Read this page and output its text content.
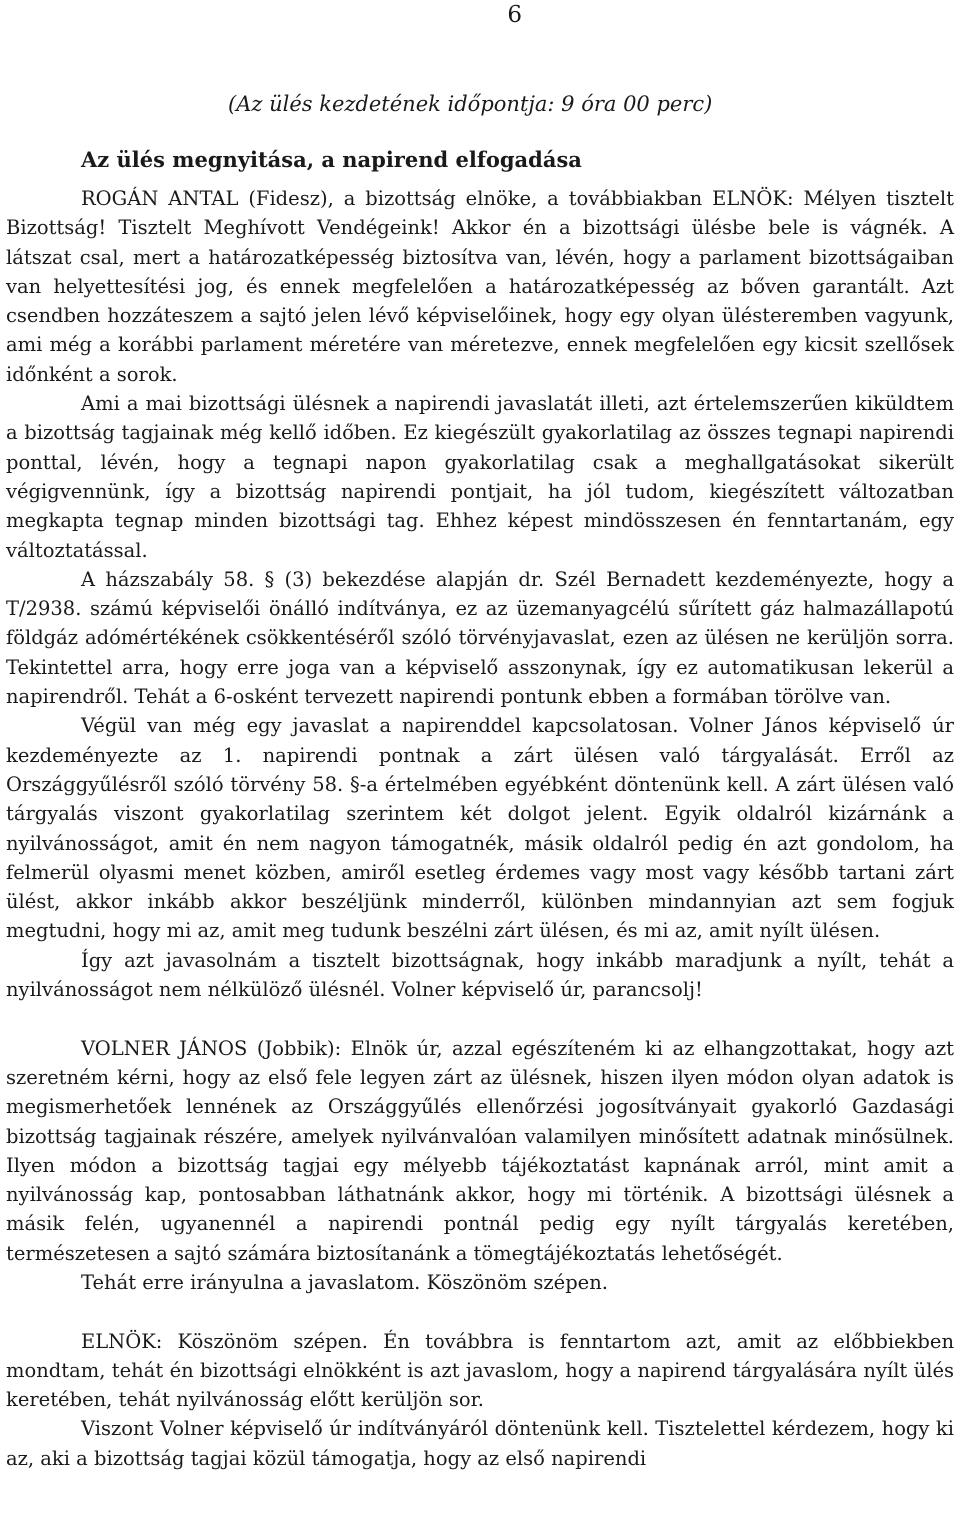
6
(Az ülés kezdetének időpontja: 9 óra 00 perc)
Az ülés megnyitása, a napirend elfogadása

ROGÁN ANTAL (Fidesz), a bizottság elnöke, a továbbiakban ELNÖK: Mélyen tisztelt Bizottság! Tisztelt Meghívott Vendégeink! Akkor én a bizottsági ülésbe bele is vágnék. A látszat csal, mert a határozatképesség biztosítva van, lévén, hogy a parlament bizottságaiban van helyettesítési jog, és ennek megfelelően a határozatképesség az bőven garantált. Azt csendben hozzáteszem a sajtó jelen lévő képviselőinek, hogy egy olyan ülésteremben vagyunk, ami még a korábbi parlament méretére van méretezve, ennek megfelelően egy kicsit szellősek időnként a sorok.

Ami a mai bizottsági ülésnek a napirendi javaslatát illeti, azt értelemszerűen kiküldtem a bizottság tagjainak még kellő időben. Ez kiegészült gyakorlatilag az összes tegnapi napirendi ponttal, lévén, hogy a tegnapi napon gyakorlatilag csak a meghallgatásokat sikerült végigvennünk, így a bizottság napirendi pontjait, ha jól tudom, kiegészített változatban megkapta tegnap minden bizottsági tag. Ehhez képest mindösszesen én fenntartanám, egy változtatással.

A házszabály 58. § (3) bekezdése alapján dr. Szél Bernadett kezdeményezte, hogy a T/2938. számú képviselői önálló indítványa, ez az üzemanyagcélú sűrített gáz halmazállapotú földgáz adómértékének csökkentéséről szóló törvényjavaslat, ezen az ülésen ne kerüljön sorra. Tekintettel arra, hogy erre joga van a képviselő asszonynak, így ez automatikusan lekerül a napirendről. Tehát a 6-osként tervezett napirendi pontunk ebben a formában törölve van.

Végül van még egy javaslat a napirenddel kapcsolatosan. Volner János képviselő úr kezdeményezte az 1. napirendi pontnak a zárt ülésen való tárgyalását. Erről az Országgyűlésről szóló törvény 58. §-a értelmében egyébként döntenünk kell. A zárt ülésen való tárgyalás viszont gyakorlatilag szerintem két dolgot jelent. Egyik oldalról kizárnánk a nyilvánosságot, amit én nem nagyon támogatnék, másik oldalról pedig én azt gondolom, ha felmerül olyasmi menet közben, amiről esetleg érdemes vagy most vagy később tartani zárt ülést, akkor inkább akkor beszéljünk minderről, különben mindannyian azt sem fogjuk megtudni, hogy mi az, amit meg tudunk beszélni zárt ülésen, és mi az, amit nyílt ülésen.

Így azt javasolnám a tisztelt bizottságnak, hogy inkább maradjunk a nyílt, tehát a nyilvánosságot nem nélkülöző ülésnél. Volner képviselő úr, parancsolj!

VOLNER JÁNOS (Jobbik): Elnök úr, azzal egészíteném ki az elhangzottakat, hogy azt szeretném kérni, hogy az első fele legyen zárt az ülésnek, hiszen ilyen módon olyan adatok is megismerhetőek lennének az Országgyűlés ellenőrzési jogosítványait gyakorló Gazdasági bizottság tagjainak részére, amelyek nyilvánvalóan valamilyen minősített adatnak minősülnek. Ilyen módon a bizottság tagjai egy mélyebb tájékoztatást kapnának arról, mint amit a nyilvánosság kap, pontosabban láthatnánk akkor, hogy mi történik. A bizottsági ülésnek a másik felén, ugyanennél a napirendi pontnál pedig egy nyílt tárgyalás keretében, természetesen a sajtó számára biztosítanánk a tömegtájékoztatás lehetőségét.

Tehát erre irányulna a javaslatom. Köszönöm szépen.

ELNÖK: Köszönöm szépen. Én továbbra is fenntartom azt, amit az előbbiekben mondtam, tehát én bizottsági elnökként is azt javaslom, hogy a napirend tárgyalására nyílt ülés keretében, tehát nyilvánosság előtt kerüljön sor.

Viszont Volner képviselő úr indítványáról döntenünk kell. Tisztelettel kérdezem, hogy ki az, aki a bizottság tagjai közül támogatja, hogy az első napirendi
